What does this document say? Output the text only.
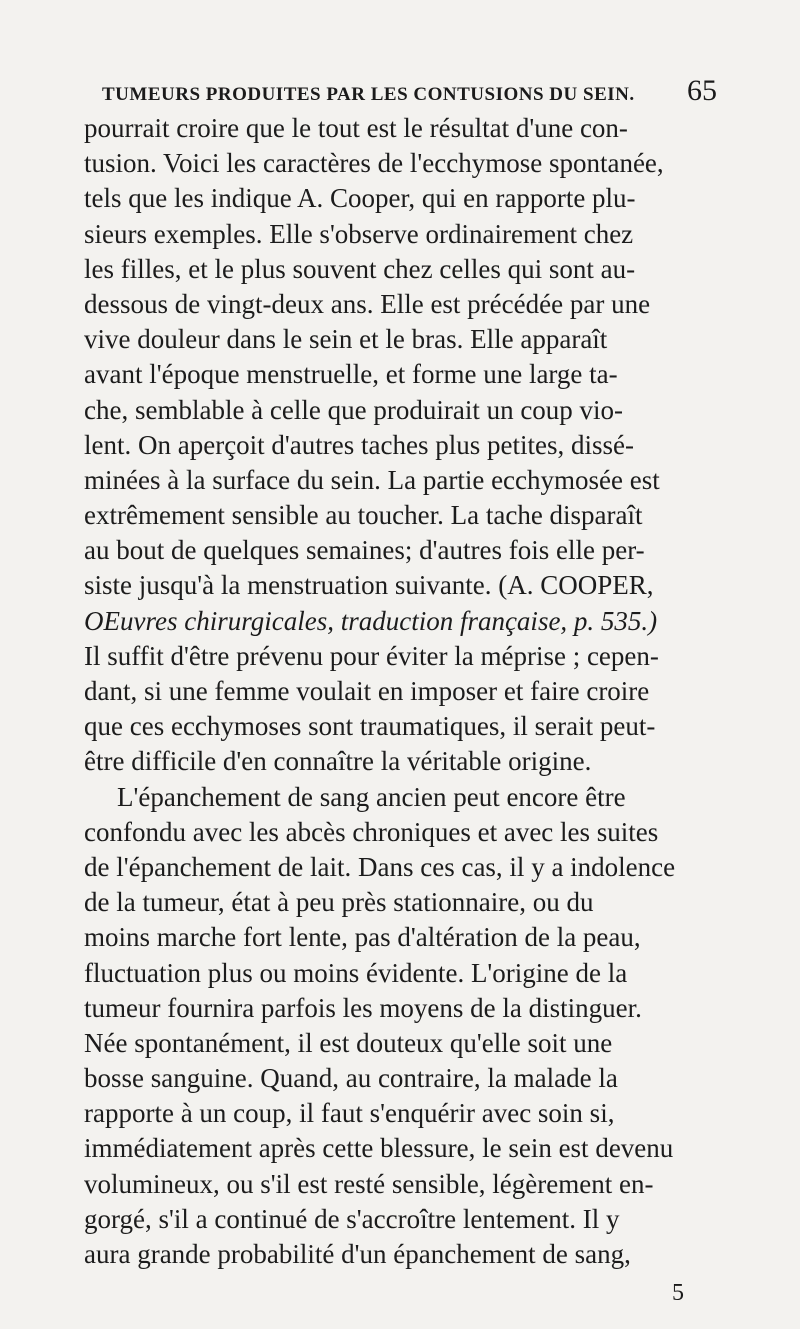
TUMEURS PRODUITES PAR LES CONTUSIONS DU SEIN. 65
pourrait croire que le tout est le résultat d'une con-
tusion. Voici les caractères de l'ecchymose spontanée,
tels que les indique A. Cooper, qui en rapporte plu-
sieurs exemples. Elle s'observe ordinairement chez
les filles, et le plus souvent chez celles qui sont au-
dessous de vingt-deux ans. Elle est précédée par une
vive douleur dans le sein et le bras. Elle apparaît
avant l'époque menstruelle, et forme une large ta-
che, semblable à celle que produirait un coup vio-
lent. On aperçoit d'autres taches plus petites, dissé-
minées à la surface du sein. La partie ecchymosée est
extrêmement sensible au toucher. La tache disparaît
au bout de quelques semaines; d'autres fois elle per-
siste jusqu'à la menstruation suivante. (A. COOPER,
OEuvres chirurgicales, traduction française, p. 535.)
Il suffit d'être prévenu pour éviter la méprise ; cepen-
dant, si une femme voulait en imposer et faire croire
que ces ecchymoses sont traumatiques, il serait peut-
être difficile d'en connaître la véritable origine.
L'épanchement de sang ancien peut encore être
confondu avec les abcès chroniques et avec les suites
de l'épanchement de lait. Dans ces cas, il y a indolence
de la tumeur, état à peu près stationnaire, ou du
moins marche fort lente, pas d'altération de la peau,
fluctuation plus ou moins évidente. L'origine de la
tumeur fournira parfois les moyens de la distinguer.
Née spontanément, il est douteux qu'elle soit une
bosse sanguine. Quand, au contraire, la malade la
rapporte à un coup, il faut s'enquérir avec soin si,
immédiatement après cette blessure, le sein est devenu
volumineux, ou s'il est resté sensible, légèrement en-
gorgé, s'il a continué de s'accroître lentement. Il y
aura grande probabilité d'un épanchement de sang,
5
